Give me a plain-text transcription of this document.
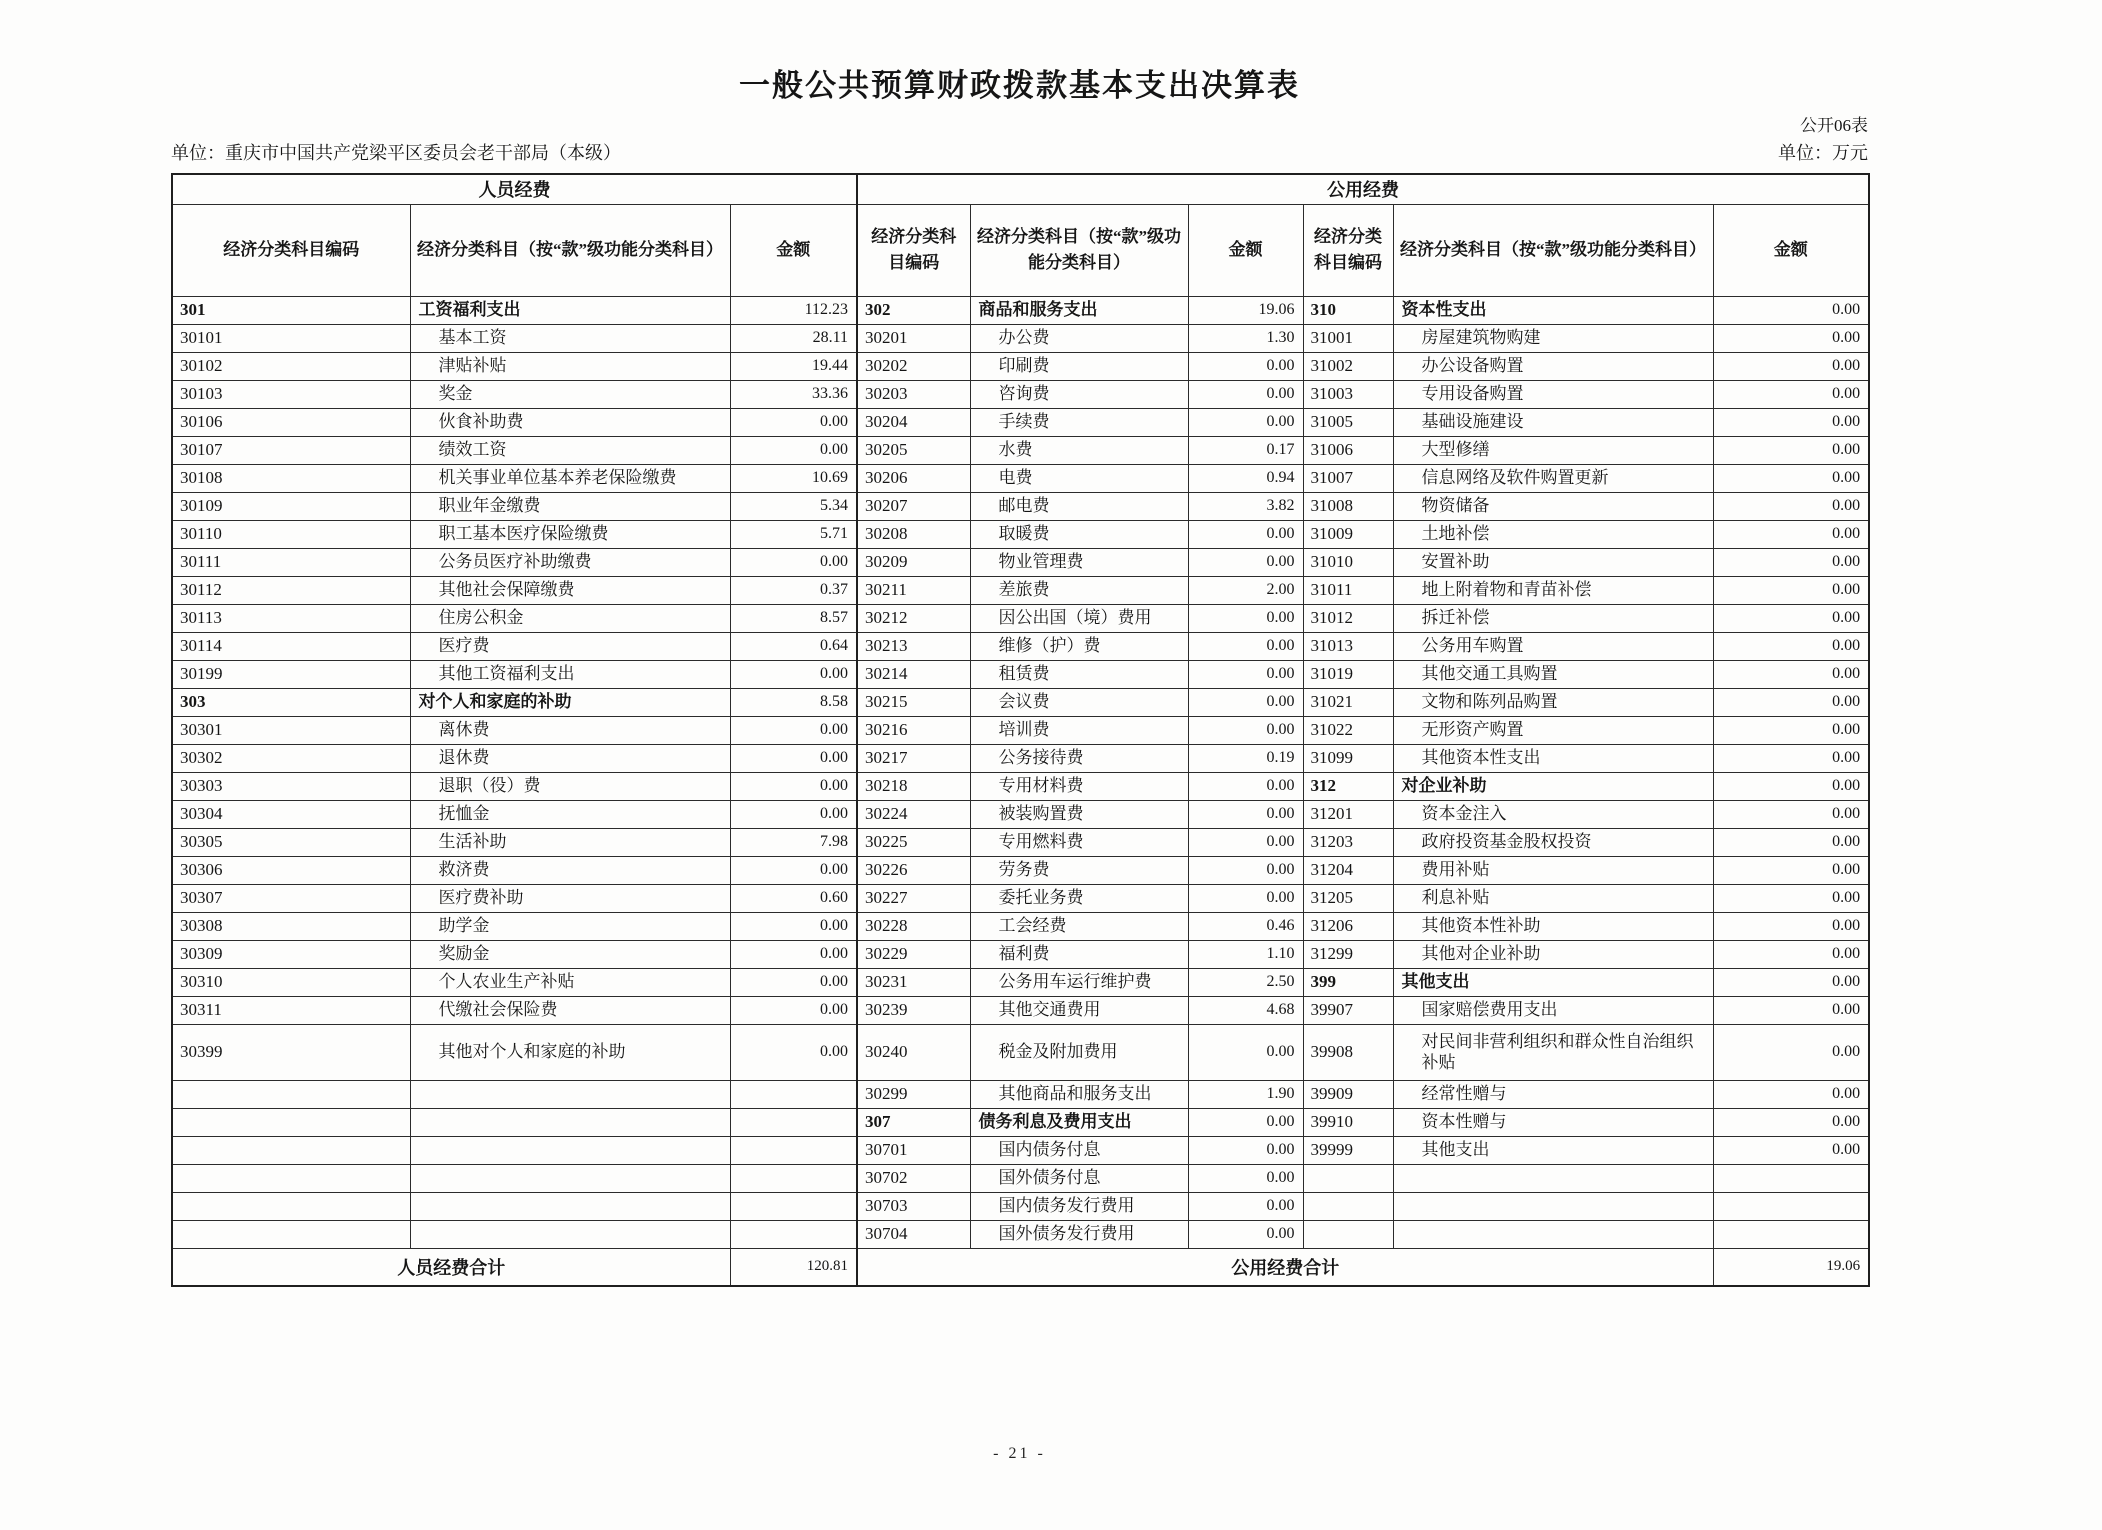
一般公共预算财政拨款基本支出决算表
公开06表
单位：重庆市中国共产党梁平区委员会老干部局（本级）	单位：万元
人员经费			公用经费					
经济分类科目编码	经济分类科目（按“款”级功能分类科目）	金额	经济分类科目编码	经济分类科目（按“款”级功能分类科目）	金额	经济分类科目编码	经济分类科目（按“款”级功能分类科目）	金额
301	工资福利支出	112.23	302	商品和服务支出	19.06	310	资本性支出	0.00
30101	基本工资	28.11	30201	办公费	1.30	31001	房屋建筑物购建	0.00
30102	津贴补贴	19.44	30202	印刷费	0.00	31002	办公设备购置	0.00
30103	奖金	33.36	30203	咨询费	0.00	31003	专用设备购置	0.00
30106	伙食补助费	0.00	30204	手续费	0.00	31005	基础设施建设	0.00
30107	绩效工资	0.00	30205	水费	0.17	31006	大型修缮	0.00
30108	机关事业单位基本养老保险缴费	10.69	30206	电费	0.94	31007	信息网络及软件购置更新	0.00
30109	职业年金缴费	5.34	30207	邮电费	3.82	31008	物资储备	0.00
30110	职工基本医疗保险缴费	5.71	30208	取暖费	0.00	31009	土地补偿	0.00
30111	公务员医疗补助缴费	0.00	30209	物业管理费	0.00	31010	安置补助	0.00
30112	其他社会保障缴费	0.37	30211	差旅费	2.00	31011	地上附着物和青苗补偿	0.00
30113	住房公积金	8.57	30212	因公出国（境）费用	0.00	31012	拆迁补偿	0.00
30114	医疗费	0.64	30213	维修（护）费	0.00	31013	公务用车购置	0.00
30199	其他工资福利支出	0.00	30214	租赁费	0.00	31019	其他交通工具购置	0.00
303	对个人和家庭的补助	8.58	30215	会议费	0.00	31021	文物和陈列品购置	0.00
30301	离休费	0.00	30216	培训费	0.00	31022	无形资产购置	0.00
30302	退休费	0.00	30217	公务接待费	0.19	31099	其他资本性支出	0.00
30303	退职（役）费	0.00	30218	专用材料费	0.00	312	对企业补助	0.00
30304	抚恤金	0.00	30224	被装购置费	0.00	31201	资本金注入	0.00
30305	生活补助	7.98	30225	专用燃料费	0.00	31203	政府投资基金股权投资	0.00
30306	救济费	0.00	30226	劳务费	0.00	31204	费用补贴	0.00
30307	医疗费补助	0.60	30227	委托业务费	0.00	31205	利息补贴	0.00
30308	助学金	0.00	30228	工会经费	0.46	31206	其他资本性补助	0.00
30309	奖励金	0.00	30229	福利费	1.10	31299	其他对企业补助	0.00
30310	个人农业生产补贴	0.00	30231	公务用车运行维护费	2.50	399	其他支出	0.00
30311	代缴社会保险费	0.00	30239	其他交通费用	4.68	39907	国家赔偿费用支出	0.00
30399	其他对个人和家庭的补助	0.00	30240	税金及附加费用	0.00	39908	对民间非营利组织和群众性自治组织补贴	0.00
			30299	其他商品和服务支出	1.90	39909	经常性赠与	0.00
			307	债务利息及费用支出	0.00	39910	资本性赠与	0.00
			30701	国内债务付息	0.00	39999	其他支出	0.00
			30702	国外债务付息	0.00			
			30703	国内债务发行费用	0.00			
			30704	国外债务发行费用	0.00			
人员经费合计		120.81	公用经费合计					19.06
- 21 -
